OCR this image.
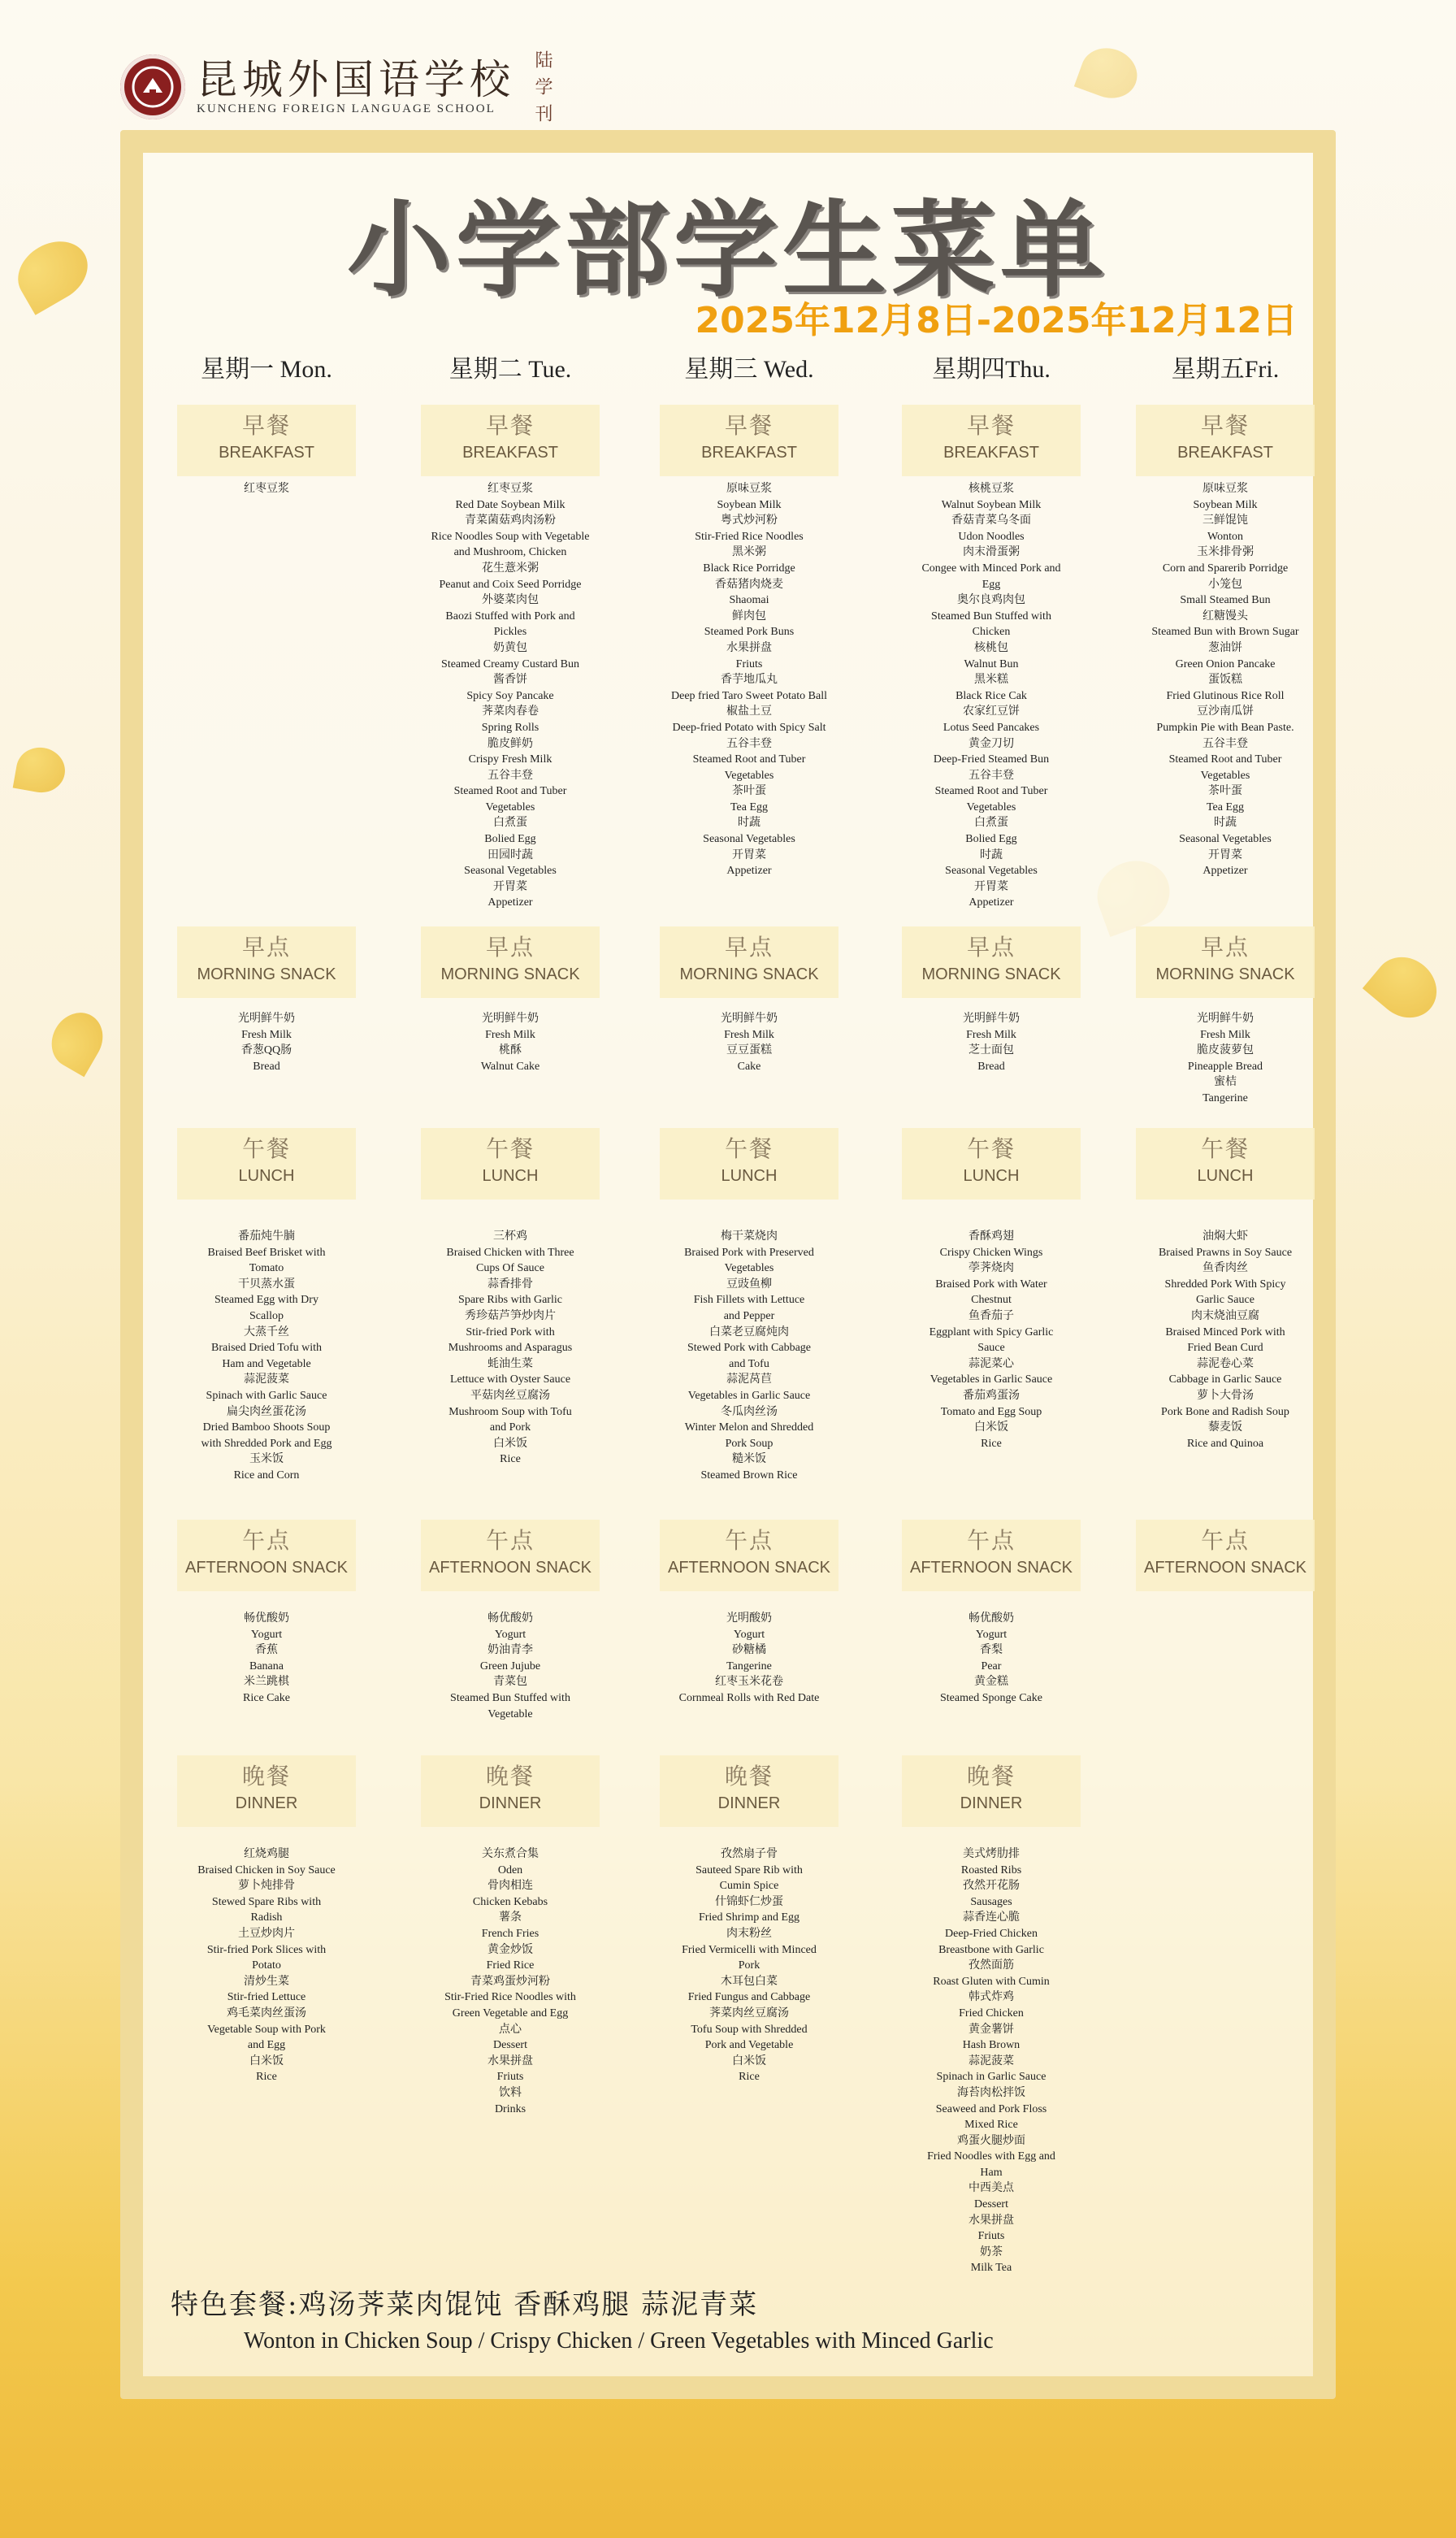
昆城外国语学校
KUNCHENG FOREIGN LANGUAGE SCHOOL	陆 学 刊
小学部学生菜单
2025年12月8日-2025年12月12日
星期一 Mon.
早餐
BREAKFAST
红枣豆浆
早点
MORNING SNACK
光明鲜牛奶
Fresh Milk
香葱QQ肠
Bread
午餐
LUNCH
番茄炖牛腩
Braised Beef Brisket with
Tomato
干贝蒸水蛋
Steamed Egg with Dry
Scallop
大蒸千丝
Braised Dried Tofu with
Ham and Vegetable
蒜泥菠菜
Spinach with Garlic Sauce
扁尖肉丝蛋花汤
Dried Bamboo Shoots Soup
with Shredded Pork and Egg
玉米饭
Rice and Corn
午点
AFTERNOON SNACK
畅优酸奶
Yogurt
香蕉
Banana
米兰跳棋
Rice Cake
晚餐
DINNER
红烧鸡腿
Braised Chicken in Soy Sauce
萝卜炖排骨
Stewed Spare Ribs with
Radish
土豆炒肉片
Stir-fried Pork Slices with
Potato
清炒生菜
Stir-fried Lettuce
鸡毛菜肉丝蛋汤
Vegetable Soup with Pork
and Egg
白米饭
Rice
星期二 Tue.
早餐
BREAKFAST
红枣豆浆
Red Date Soybean Milk
青菜菌菇鸡肉汤粉
Rice Noodles Soup with Vegetable
and Mushroom, Chicken
花生薏米粥
Peanut and Coix Seed Porridge
外婆菜肉包
Baozi Stuffed with Pork and
Pickles
奶黄包
Steamed Creamy Custard Bun
酱香饼
Spicy Soy Pancake
荠菜肉春卷
Spring Rolls
脆皮鲜奶
Crispy Fresh Milk
五谷丰登
Steamed Root and Tuber
Vegetables
白煮蛋
Bolied Egg
田园时蔬
Seasonal Vegetables
开胃菜
Appetizer
早点
MORNING SNACK
光明鲜牛奶
Fresh Milk
桃酥
Walnut Cake
午餐
LUNCH
三杯鸡
Braised Chicken with Three
Cups Of Sauce
蒜香排骨
Spare Ribs with Garlic
秀珍菇芦笋炒肉片
Stir-fried Pork with
Mushrooms and Asparagus
蚝油生菜
Lettuce with Oyster Sauce
平菇肉丝豆腐汤
Mushroom Soup with Tofu
and Pork
白米饭
Rice
午点
AFTERNOON SNACK
畅优酸奶
Yogurt
奶油青李
Green Jujube
青菜包
Steamed Bun Stuffed with
Vegetable
晚餐
DINNER
关东煮合集
Oden
骨肉相连
Chicken Kebabs
薯条
French Fries
黄金炒饭
Fried Rice
青菜鸡蛋炒河粉
Stir-Fried Rice Noodles with
Green Vegetable and Egg
点心
Dessert
水果拼盘
Friuts
饮料
Drinks
星期三 Wed.
早餐
BREAKFAST
原味豆浆
Soybean Milk
粤式炒河粉
Stir-Fried Rice Noodles
黑米粥
Black Rice Porridge
香菇猪肉烧麦
Shaomai
鲜肉包
Steamed Pork Buns
水果拼盘
Friuts
香芋地瓜丸
Deep fried Taro Sweet Potato Ball
椒盐土豆
Deep-fried Potato with Spicy Salt
五谷丰登
Steamed Root and Tuber
Vegetables
茶叶蛋
Tea Egg
时蔬
Seasonal Vegetables
开胃菜
Appetizer
早点
MORNING SNACK
光明鲜牛奶
Fresh Milk
豆豆蛋糕
Cake
午餐
LUNCH
梅干菜烧肉
Braised Pork with Preserved
Vegetables
豆豉鱼柳
Fish Fillets with Lettuce
and Pepper
白菜老豆腐炖肉
Stewed Pork with Cabbage
and Tofu
蒜泥莴苣
Vegetables in Garlic Sauce
冬瓜肉丝汤
Winter Melon and Shredded
Pork Soup
糙米饭
Steamed Brown Rice
午点
AFTERNOON SNACK
光明酸奶
Yogurt
砂糖橘
Tangerine
红枣玉米花卷
Cornmeal Rolls with Red Date
晚餐
DINNER
孜然扇子骨
Sauteed Spare Rib with
Cumin Spice
什锦虾仁炒蛋
Fried Shrimp and Egg
肉末粉丝
Fried Vermicelli with Minced
Pork
木耳包白菜
Fried Fungus and Cabbage
荠菜肉丝豆腐汤
Tofu Soup with Shredded
Pork and Vegetable
白米饭
Rice
星期四Thu.
早餐
BREAKFAST
核桃豆浆
Walnut Soybean Milk
香菇青菜乌冬面
Udon Noodles
肉末滑蛋粥
Congee with Minced Pork and
Egg
奥尔良鸡肉包
Steamed Bun Stuffed with
Chicken
核桃包
Walnut Bun
黑米糕
Black Rice Cak
农家红豆饼
Lotus Seed Pancakes
黄金刀切
Deep-Fried Steamed Bun
五谷丰登
Steamed Root and Tuber
Vegetables
白煮蛋
Bolied Egg
时蔬
Seasonal Vegetables
开胃菜
Appetizer
早点
MORNING SNACK
光明鲜牛奶
Fresh Milk
芝士面包
Bread
午餐
LUNCH
香酥鸡翅
Crispy Chicken Wings
荸荠烧肉
Braised Pork with Water
Chestnut
鱼香茄子
Eggplant with Spicy Garlic
Sauce
蒜泥菜心
Vegetables in Garlic Sauce
番茄鸡蛋汤
Tomato and Egg Soup
白米饭
Rice
午点
AFTERNOON SNACK
畅优酸奶
Yogurt
香梨
Pear
黄金糕
Steamed Sponge Cake
晚餐
DINNER
美式烤肋排
Roasted Ribs
孜然开花肠
Sausages
蒜香连心脆
Deep-Fried Chicken
Breastbone with Garlic
孜然面筋
Roast Gluten with Cumin
韩式炸鸡
Fried Chicken
黄金薯饼
Hash Brown
蒜泥菠菜
Spinach in Garlic Sauce
海苔肉松拌饭
Seaweed and Pork Floss
Mixed Rice
鸡蛋火腿炒面
Fried Noodles with Egg and
Ham
中西美点
Dessert
水果拼盘
Friuts
奶茶
Milk Tea
星期五Fri.
早餐
BREAKFAST
原味豆浆
Soybean Milk
三鲜馄饨
Wonton
玉米排骨粥
Corn and Sparerib Porridge
小笼包
Small Steamed Bun
红糖馒头
Steamed Bun with Brown Sugar
葱油饼
Green Onion Pancake
蛋饭糕
Fried Glutinous Rice Roll
豆沙南瓜饼
Pumpkin Pie with Bean Paste.
五谷丰登
Steamed Root and Tuber
Vegetables
茶叶蛋
Tea Egg
时蔬
Seasonal Vegetables
开胃菜
Appetizer
早点
MORNING SNACK
光明鲜牛奶
Fresh Milk
脆皮菠萝包
Pineapple Bread
蜜桔
Tangerine
午餐
LUNCH
油焖大虾
Braised Prawns in Soy Sauce
鱼香肉丝
Shredded Pork With Spicy
Garlic Sauce
肉末烧油豆腐
Braised Minced Pork with
Fried Bean Curd
蒜泥卷心菜
Cabbage in Garlic Sauce
萝卜大骨汤
Pork Bone and Radish Soup
藜麦饭
Rice and Quinoa
午点
AFTERNOON SNACK
特色套餐:鸡汤荠菜肉馄饨 香酥鸡腿 蒜泥青菜
Wonton in Chicken Soup / Crispy Chicken / Green Vegetables with Minced Garlic
